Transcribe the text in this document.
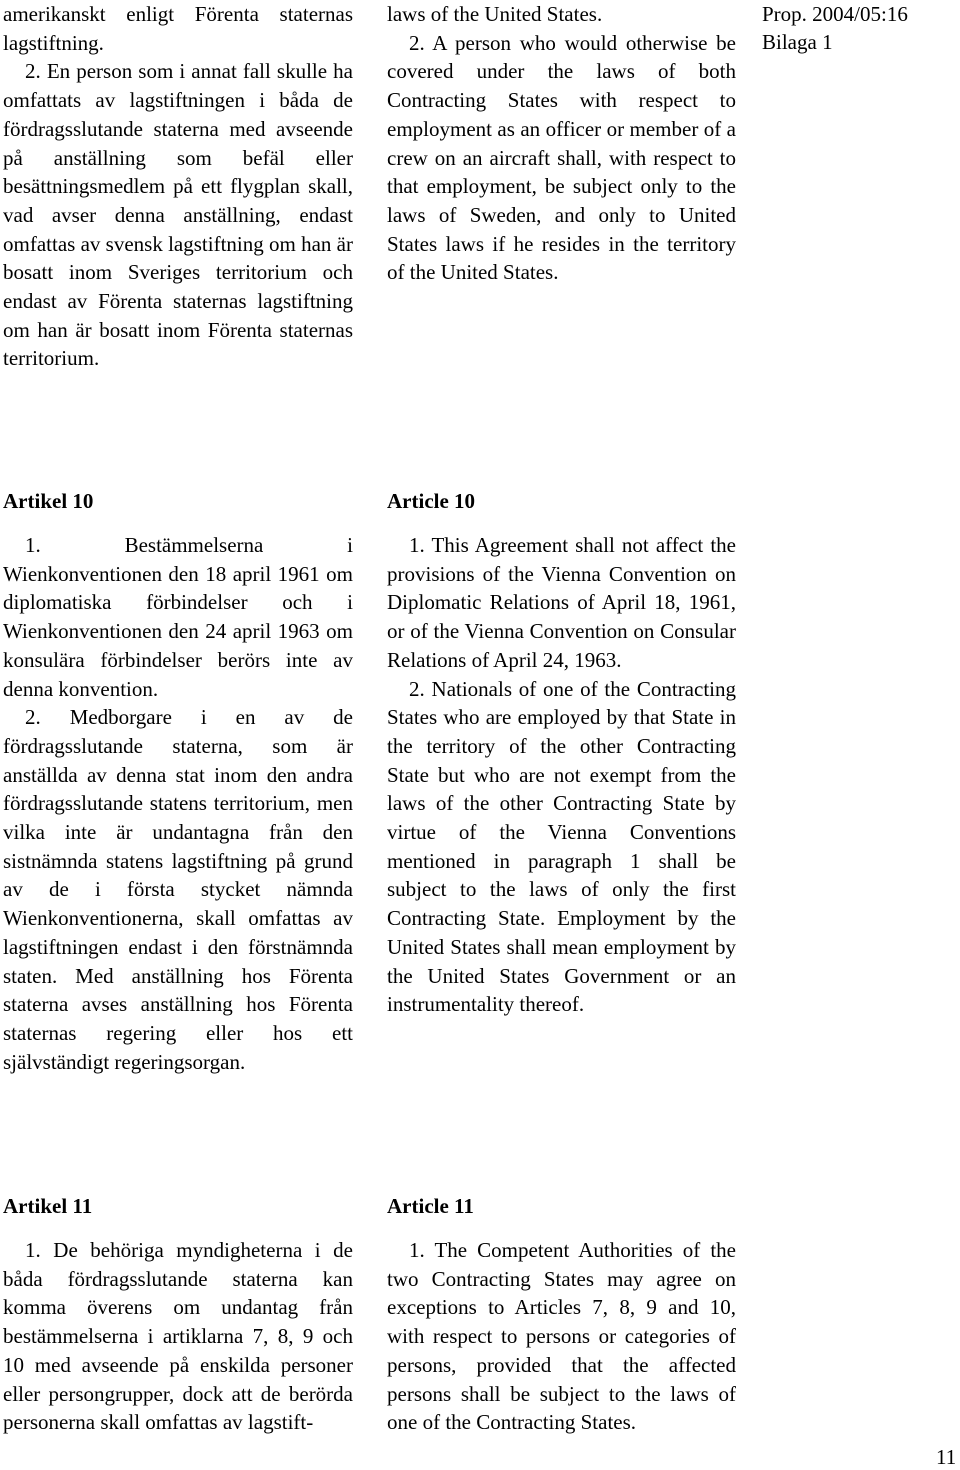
Prop. 2004/05:16
Bilaga 1

amerikanskt enligt Förenta staternas lagstiftning.

2. En person som i annat fall skulle ha omfattats av lagstiftningen i båda de fördragsslutande staterna med avseende på anställning som befäl eller besättningsmedlem på ett flygplan skall, vad avser denna anställning, endast omfattas av svensk lagstiftning om han är bosatt inom Sveriges territorium och endast av Förenta staternas lagstiftning om han är bosatt inom Förenta staternas territorium.

laws of the United States.

2. A person who would otherwise be covered under the laws of both Contracting States with respect to employment as an officer or member of a crew on an aircraft shall, with respect to that employment, be subject only to the laws of Sweden, and only to United States laws if he resides in the territory of the United States.

Artikel 10	Article 10

1. Bestämmelserna i Wienkonventionen den 18 april 1961 om diplomatiska förbindelser och i Wienkonventionen den 24 april 1963 om konsulära förbindelser berörs inte av denna konvention.

2. Medborgare i en av de fördragsslutande staterna, som är anställda av denna stat inom den andra fördragsslutande statens territorium, men vilka inte är undantagna från den sistnämnda statens lagstiftning på grund av de i första stycket nämnda Wienkonventionerna, skall omfattas av lagstiftningen endast i den förstnämnda staten. Med anställning hos Förenta staterna avses anställning hos Förenta staternas regering eller hos ett självständigt regeringsorgan.

1. This Agreement shall not affect the provisions of the Vienna Convention on Diplomatic Relations of April 18, 1961, or of the Vienna Convention on Consular Relations of April 24, 1963.

2. Nationals of one of the Contracting States who are employed by that State in the territory of the other Contracting State but who are not exempt from the laws of the other Contracting State by virtue of the Vienna Conventions mentioned in paragraph 1 shall be subject to the laws of only the first Contracting State. Employment by the United States shall mean employment by the United States Government or an instrumentality thereof.

Artikel 11	Article 11

1. De behöriga myndigheterna i de båda fördragsslutande staterna kan komma överens om undantag från bestämmelserna i artiklarna 7, 8, 9 och 10 med avseende på enskilda personer eller persongrupper, dock att de berörda personerna skall omfattas av lagstift-

1. The Competent Authorities of the two Contracting States may agree on exceptions to Articles 7, 8, 9 and 10, with respect to persons or categories of persons, provided that the affected persons shall be subject to the laws of one of the Contracting States.

11
